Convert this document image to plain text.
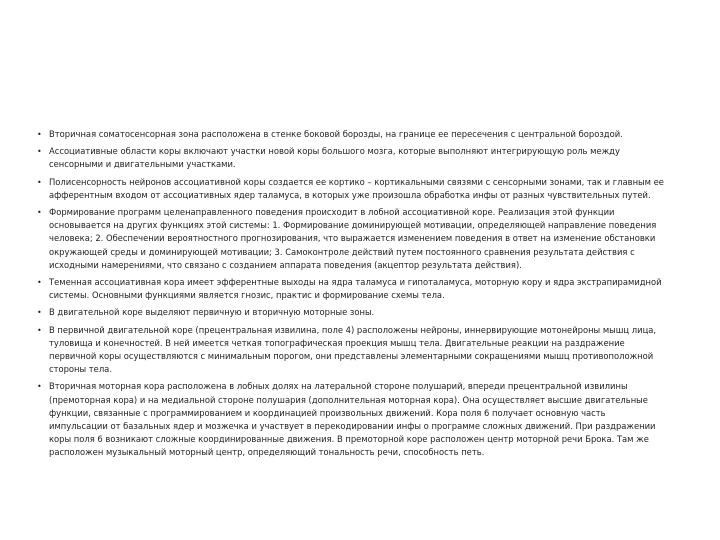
• Вторичная соматосенсорная зона расположена в стенке боковой борозды, на границе ее пересечения с центральной бороздой.
• Ассоциативные области коры включают участки новой коры большого мозга, которые выполняют интегрирующую роль между сенсорными и двигательными участками.
• Полисенсорность нейронов ассоциативной коры создается ее кортико – кортикальными связями с сенсорными зонами, так и главным ее афферентным входом от ассоциативных ядер таламуса, в которых уже произошла обработка инфы от разных чувствительных путей.
• Формирование программ целенаправленного поведения происходит в лобной ассоциативной коре. Реализация этой функции основывается на других функциях этой системы: 1. Формирование доминирующей мотивации, определяющей направление поведения человека; 2. Обеспечении вероятностного прогнозирования, что выражается изменением поведения в ответ на изменение обстановки окружающей среды и доминирующей мотивации; 3. Самоконтроле действий путем постоянного сравнения результата действия с исходными намерениями, что связано с созданием аппарата поведения (акцептор результата действия).
• Теменная ассоциативная кора имеет эфферентные выходы на ядра таламуса и гипоталамуса, моторную кору и ядра экстрапирамидной системы. Основными функциями является гнозис, практис и формирование схемы тела.
• В двигательной коре выделяют первичную и вторичную моторные зоны.
• В первичной двигательной коре (прецентральная извилина, поле 4) расположены нейроны, иннервирующие мотонейроны мышц лица, туловища и конечностей. В ней имеется четкая топографическая проекция мышц тела. Двигательные реакции на раздражение первичной коры осуществляются с минимальным порогом, они представлены элементарными сокращениями мышц противоположной стороны тела.
• Вторичная моторная кора расположена в лобных долях на латеральной стороне полушарий, впереди прецентральной извилины (премоторная кора) и на медиальной стороне полушария (дополнительная моторная кора). Она осуществляет высшие двигательные функции, связанные с программированием и координацией произвольных движений. Кора поля 6 получает основную часть импульсации от базальных ядер и мозжечка и участвует в перекодировании инфы о программе сложных движений. При раздражении коры поля 6 возникают сложные координированные движения. В премоторной коре расположен центр моторной речи Брока. Там же расположен музыкальный моторный центр, определяющий тональность речи, способность петь.
